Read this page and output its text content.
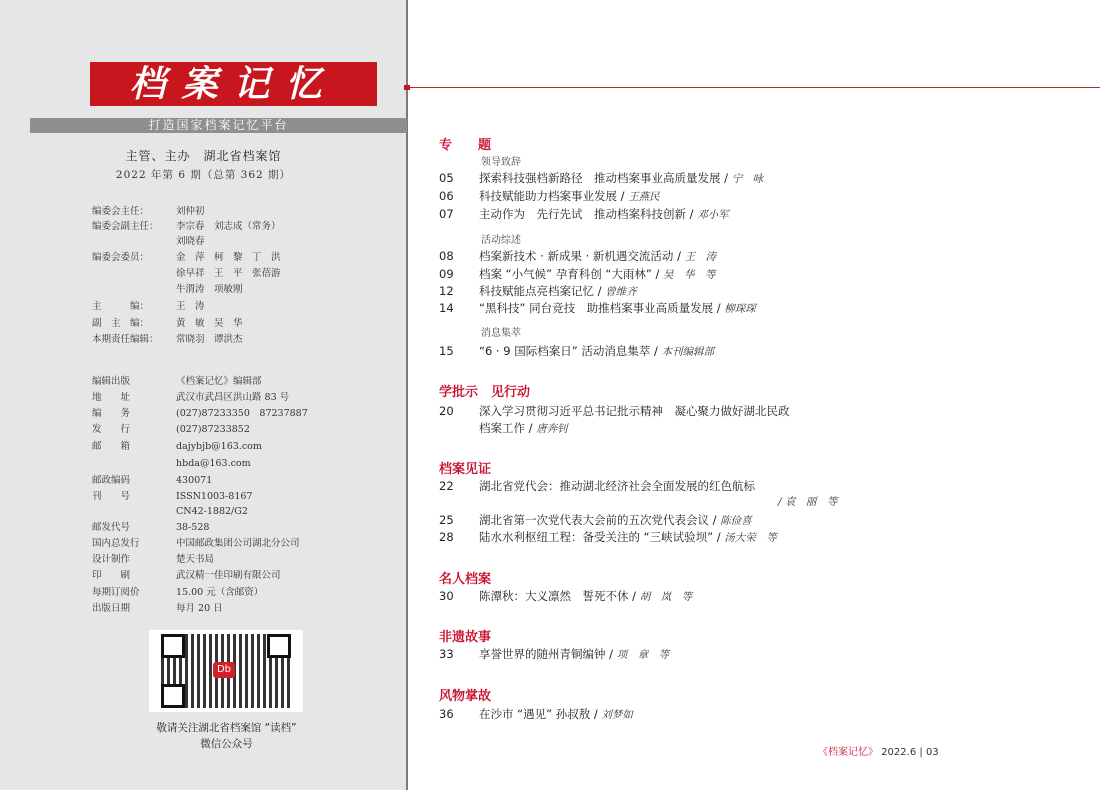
档案记忆
打造国家档案记忆平台
主管、主办　湖北省档案馆
2022 年第 6 期（总第 362 期）
编委会主任：	刘仲初
编委会副主任： 李宗春　刘志成（常务）
刘晓春
编委会委员：	金　萍　柯　黎　丁　洪
徐早祥　王　平　张蓓游
牛渭涛　项敏刚
主　　　编：	王　涛
副　主　编：	黄　敏　吴　华
本期责任编辑： 常晓羽　谭洪杰
编辑出版	《档案记忆》编辑部
地　　址	武汉市武昌区洪山路 83 号
编　　务	(027)87233350　87237887
发　　行	(027)87233852
邮　　箱	dajybjb@163.com
hbda@163.com
邮政编码	430071
刊　　号	ISSN1003-8167
CN42-1882/G2
邮发代号	38-528
国内总发行	中国邮政集团公司湖北分公司
设计制作	楚天书局
印　　刷	武汉精一佳印刷有限公司
每期订阅价	15.00 元（含邮资）
出版日期	每月 20 日
Db
敬请关注湖北省档案馆 “读档”
微信公众号
专　　题
领导致辞
05 探索科技强档新路径　推动档案事业高质量发展 / 宁　咏
06 科技赋能助力档案事业发展 / 王燕民
07 主动作为　先行先试　推动档案科技创新 / 邓小军
活动综述
08 档案新技术 · 新成果 · 新机遇交流活动 / 王　涛
09 档案 “小气候” 孕育科创 “大雨林” / 吴　华　等
12 科技赋能点亮档案记忆 / 曾维齐
14 “黑科技” 同台竞技　助推档案事业高质量发展 / 柳琛琛
消息集萃
15 “6 · 9 国际档案日” 活动消息集萃 / 本刊编辑部
学批示　见行动
20 深入学习贯彻习近平总书记批示精神　凝心聚力做好湖北民政
档案工作 / 唐奔钊
档案见证
22 湖北省党代会：推动湖北经济社会全面发展的红色航标
/ 袁　丽　等
25 湖北省第一次党代表大会前的五次党代表会议 / 陈俭喜
28 陆水水利枢纽工程：备受关注的 “三峡试验坝” / 汤大荣　等
名人档案
30 陈潭秋：大义凛然　誓死不休 / 胡　岚　等
非遗故事
33 享誉世界的随州青铜编钟 / 项　章　等
风物掌故
36 在沙市 “遇见” 孙叔敖 / 刘梦如
《档案记忆》 2022.6 | 03
